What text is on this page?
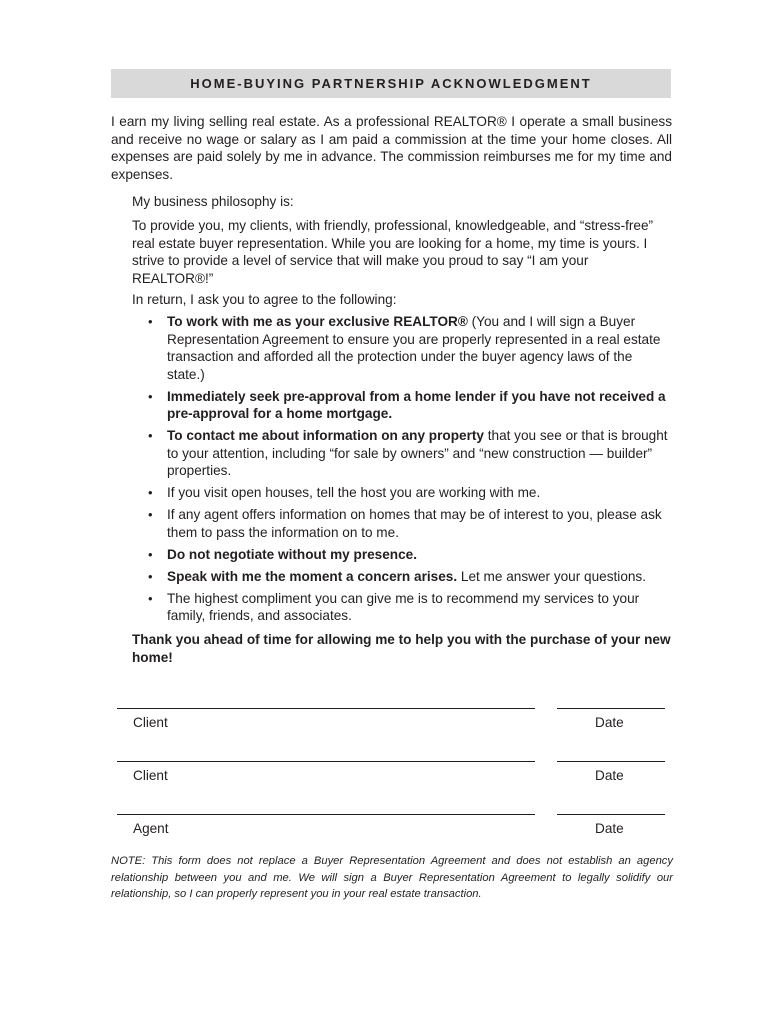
HOME-BUYING PARTNERSHIP ACKNOWLEDGMENT

I earn my living selling real estate. As a professional REALTOR® I operate a small business and receive no wage or salary as I am paid a commission at the time your home closes. All expenses are paid solely by me in advance. The commission reimburses me for my time and expenses.

My business philosophy is:
To provide you, my clients, with friendly, professional, knowledgeable, and “stress-free” real estate buyer representation. While you are looking for a home, my time is yours. I strive to provide a level of service that will make you proud to say “I am your REALTOR®!”
In return, I ask you to agree to the following:
• To work with me as your exclusive REALTOR® (You and I will sign a Buyer Representation Agreement to ensure you are properly represented in a real estate transaction and afforded all the protection under the buyer agency laws of the state.)
• Immediately seek pre-approval from a home lender if you have not received a pre-approval for a home mortgage.
• To contact me about information on any property that you see or that is brought to your attention, including “for sale by owners” and “new construction — builder” properties.
• If you visit open houses, tell the host you are working with me.
• If any agent offers information on homes that may be of interest to you, please ask them to pass the information on to me.
• Do not negotiate without my presence.
• Speak with me the moment a concern arises. Let me answer your questions.
• The highest compliment you can give me is to recommend my services to your family, friends, and associates.
Thank you ahead of time for allowing me to help you with the purchase of your new home!
Client	Date
Client	Date
Agent	Date

NOTE: This form does not replace a Buyer Representation Agreement and does not establish an agency relationship between you and me. We will sign a Buyer Representation Agreement to legally solidify our relationship, so I can properly represent you in your real estate transaction.
